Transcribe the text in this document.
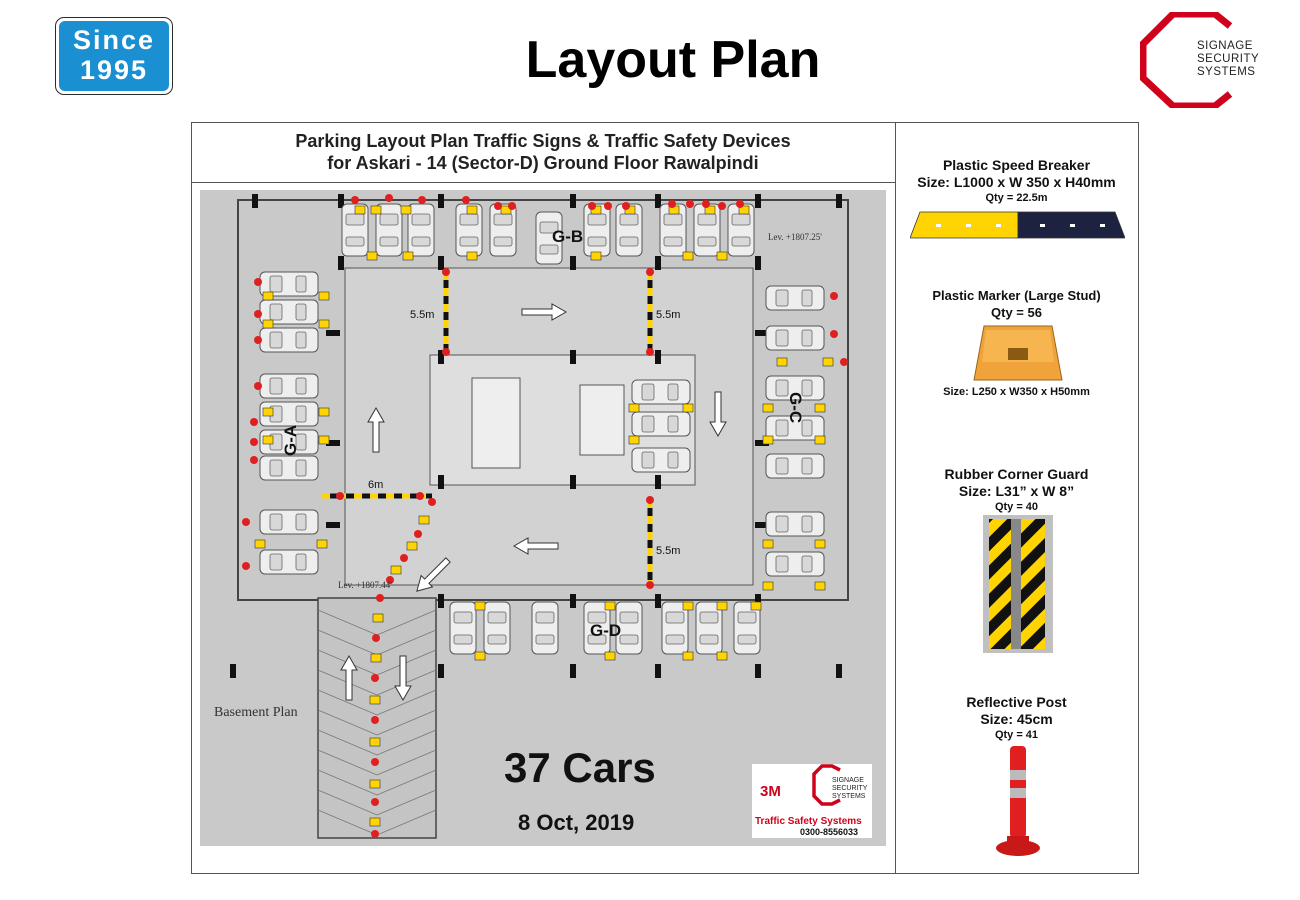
Since
1995	Layout Plan	SIGNAGE
SECURITY
SYSTEMS
Parking Layout Plan Traffic Signs & Traffic Safety Devices
for Askari - 14 (Sector-D) Ground Floor Rawalpindi
Lev. +1807.25'
Lev. +1807.44'
G-B
G-A
G-C
G-D
5.5m	5.5m
5.5m
6m
Basement Plan
37 Cars
8 Oct, 2019
3M
SIGNAGE
SECURITY
SYSTEMS
Traffic Safety Systems
0300-8556033
Plastic Speed Breaker
Size: L1000 x W 350 x H40mm
Qty = 22.5m
Plastic Marker (Large Stud)
Qty = 56
Size: L250 x W350 x H50mm
Rubber Corner Guard
Size: L31” x W 8”
Qty = 40
Reflective Post
Size: 45cm
Qty = 41
